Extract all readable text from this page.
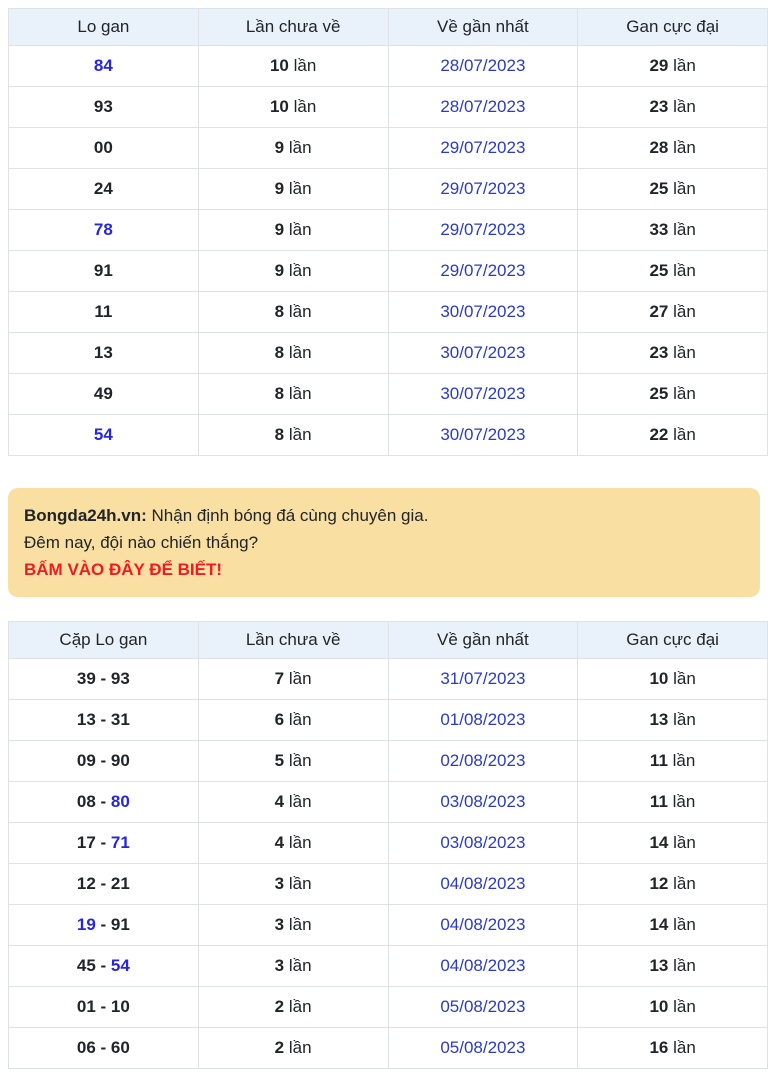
Lo gan	Lần chưa về	Về gần nhất	Gan cực đại
84	10 lần	28/07/2023	29 lần
93	10 lần	28/07/2023	23 lần
00	9 lần	29/07/2023	28 lần
24	9 lần	29/07/2023	25 lần
78	9 lần	29/07/2023	33 lần
91	9 lần	29/07/2023	25 lần
11	8 lần	30/07/2023	27 lần
13	8 lần	30/07/2023	23 lần
49	8 lần	30/07/2023	25 lần
54	8 lần	30/07/2023	22 lần
Bongda24h.vn: Nhận định bóng đá cùng chuyên gia.
Đêm nay, đội nào chiến thắng?
BẤM VÀO ĐÂY ĐỂ BIẾT!
Cặp Lo gan	Lần chưa về	Về gần nhất	Gan cực đại
39 - 93	7 lần	31/07/2023	10 lần
13 - 31	6 lần	01/08/2023	13 lần
09 - 90	5 lần	02/08/2023	11 lần
08 - 80	4 lần	03/08/2023	11 lần
17 - 71	4 lần	03/08/2023	14 lần
12 - 21	3 lần	04/08/2023	12 lần
19 - 91	3 lần	04/08/2023	14 lần
45 - 54	3 lần	04/08/2023	13 lần
01 - 10	2 lần	05/08/2023	10 lần
06 - 60	2 lần	05/08/2023	16 lần
